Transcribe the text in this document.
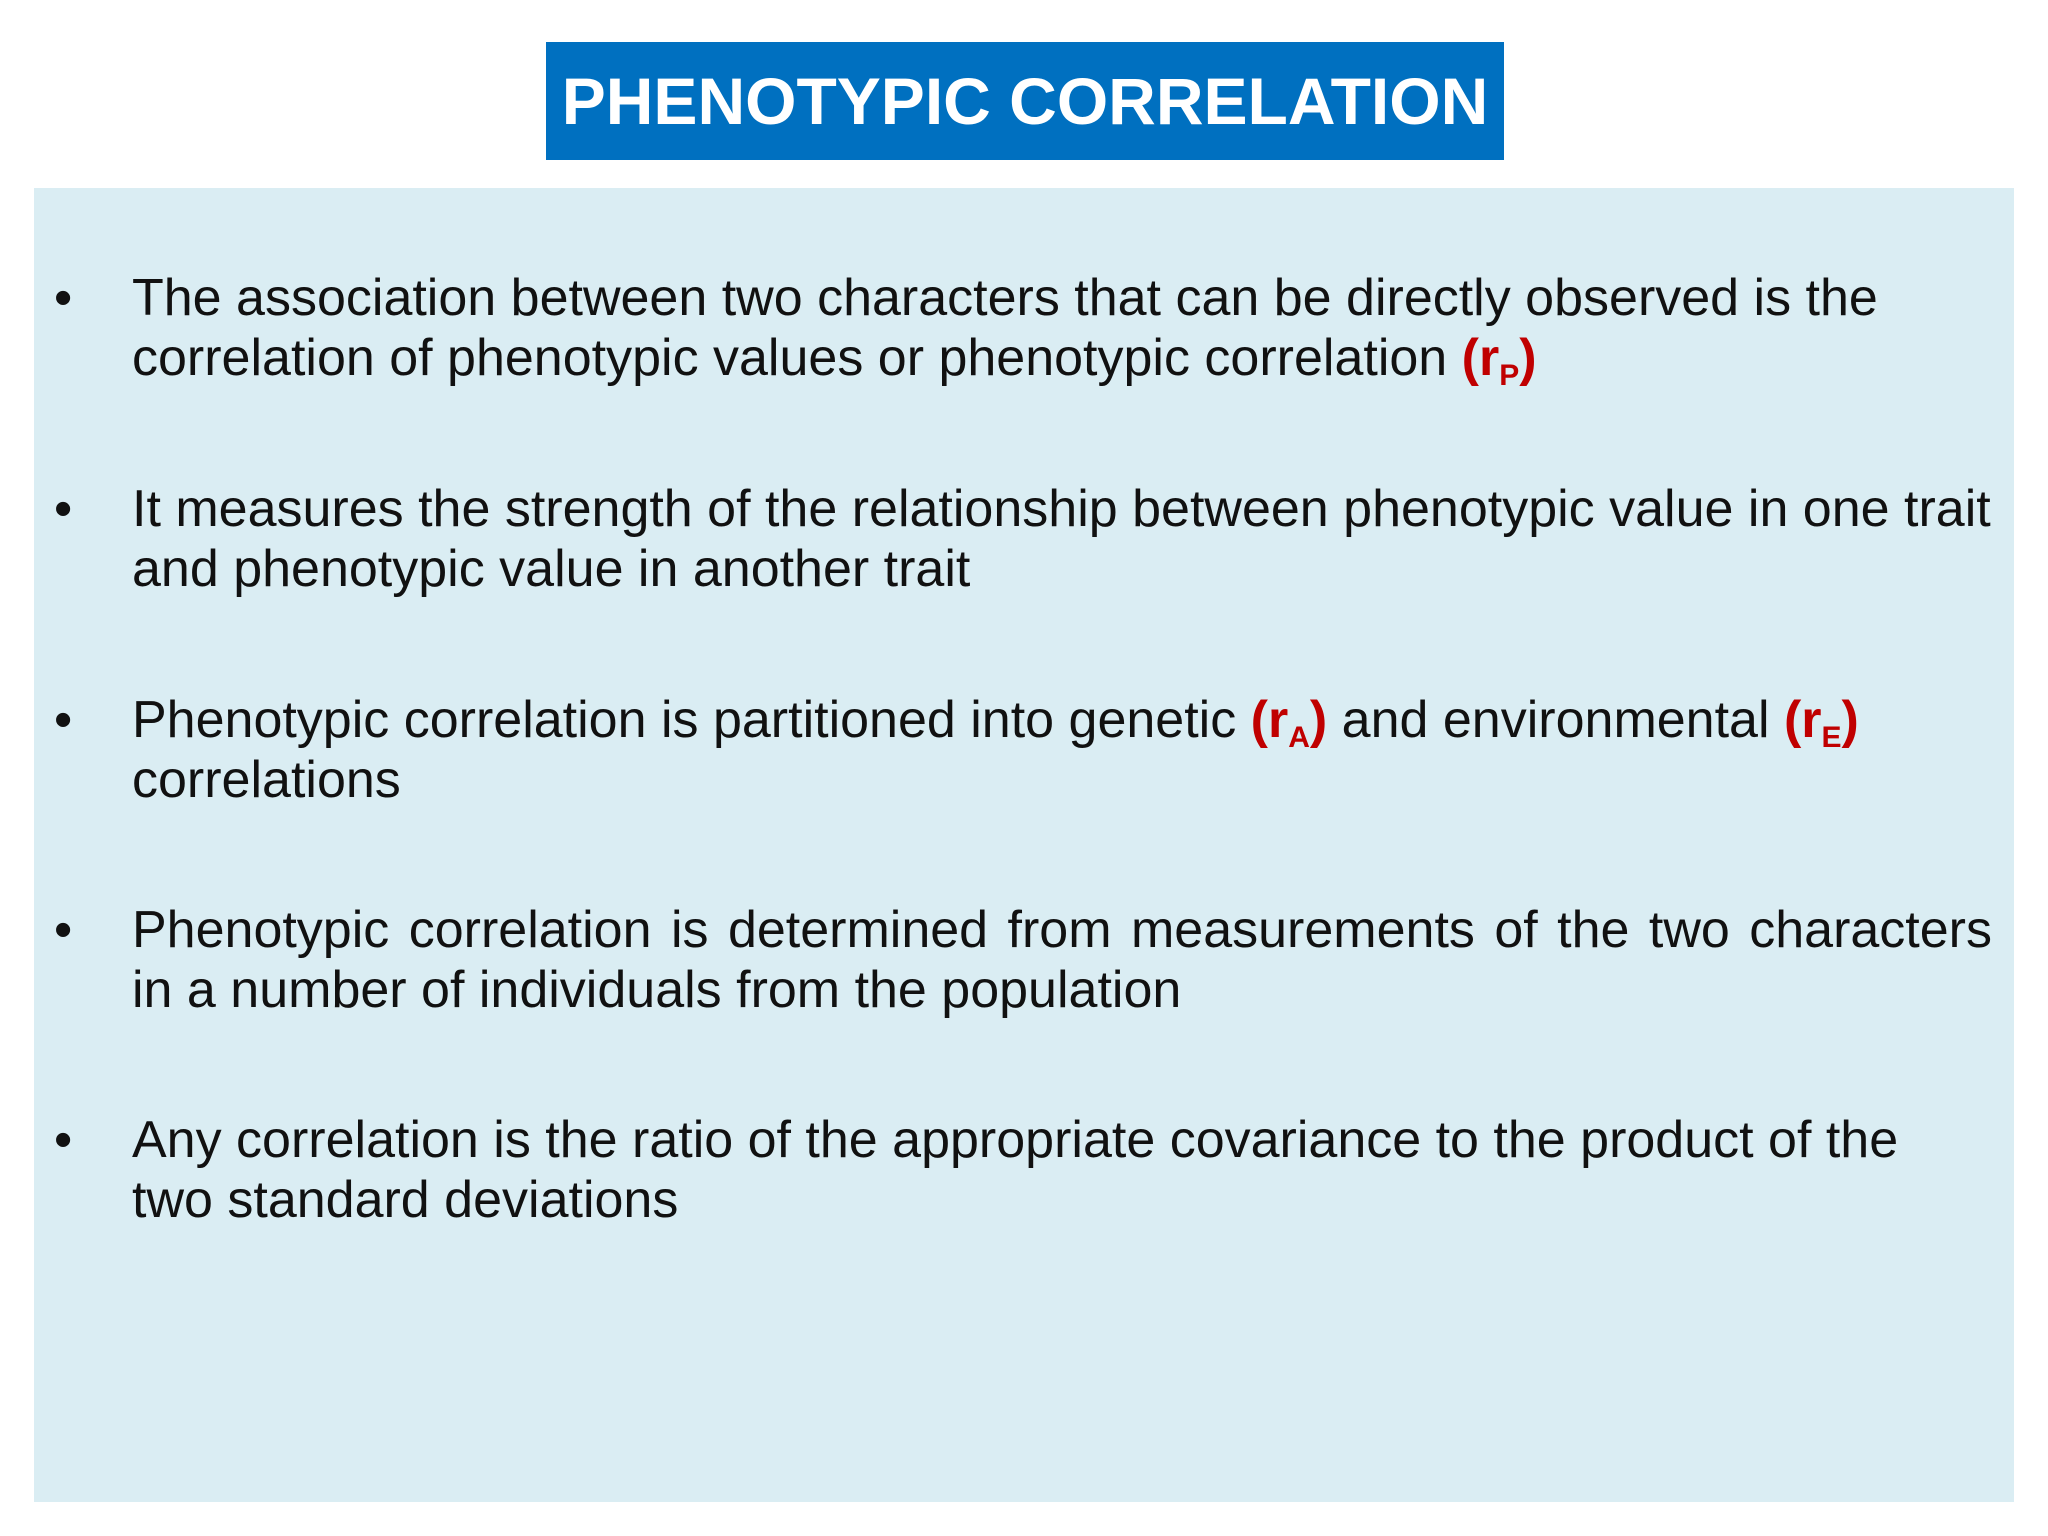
PHENOTYPIC CORRELATION
• The association between two characters that can be directly observed is the correlation of phenotypic values or phenotypic correlation $(r_P)$
• It measures the strength of the relationship between phenotypic value in one trait and phenotypic value in another trait
• Phenotypic correlation is partitioned into genetic $(r_A)$ and environmental $(r_E)$ correlations
• Phenotypic correlation is determined from measurements of the two characters in a number of individuals from the population
• Any correlation is the ratio of the appropriate covariance to the product of the two standard deviations
